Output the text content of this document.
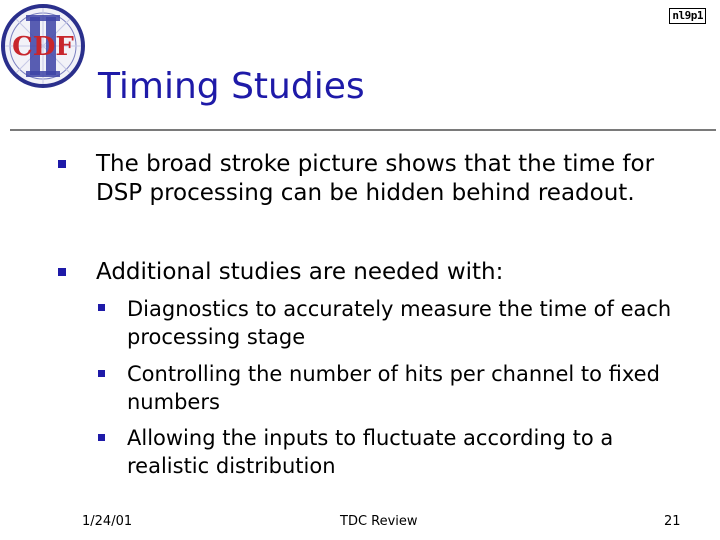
CDF
nl9p1
Timing Studies
The broad stroke picture shows that the time for DSP processing can be hidden behind readout.
Additional studies are needed with:
Diagnostics to accurately measure the time of each processing stage
Controlling the number of hits per channel to fixed numbers
Allowing the inputs to fluctuate according to a realistic distribution
1/24/01	TDC Review	21
